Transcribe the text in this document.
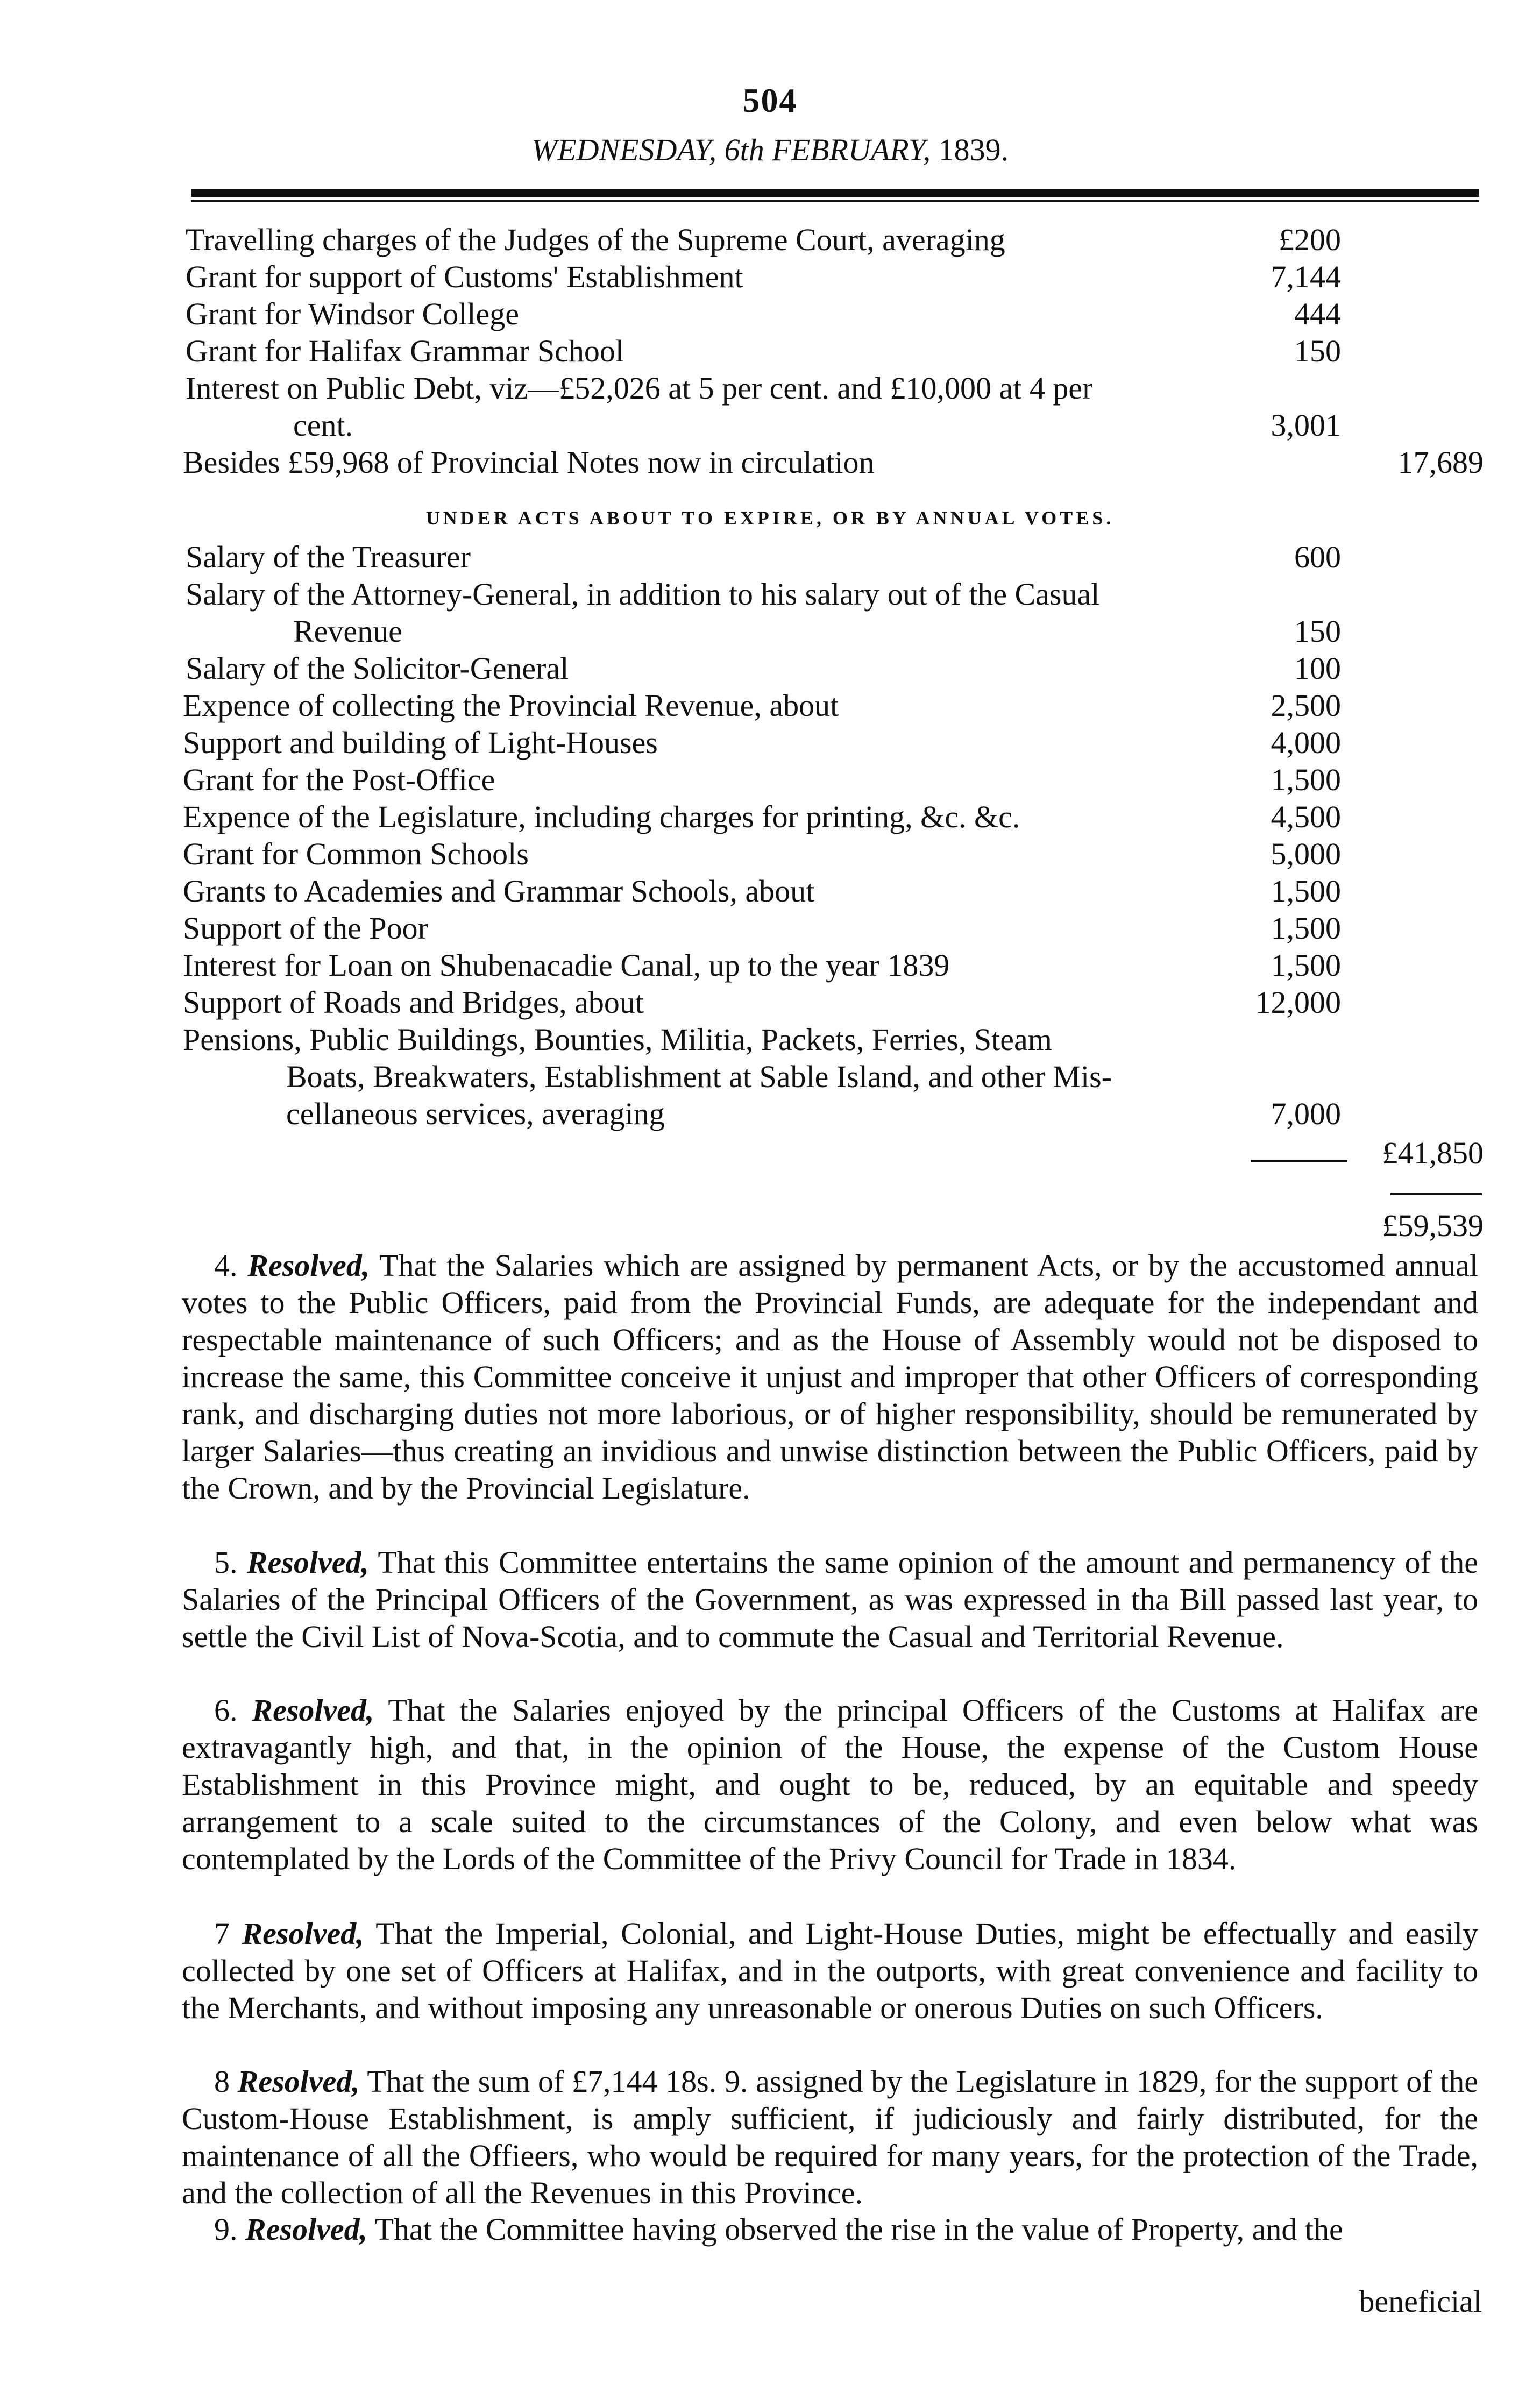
504
WEDNESDAY, 6th FEBRUARY, 1839.
Travelling charges of the Judges of the Supreme Court, averaging	£200
Grant for support of Customs' Establishment	7,144
Grant for Windsor College	444
Grant for Halifax Grammar School	150
Interest on Public Debt, viz—£52,026 at 5 per cent. and £10,000 at 4 per
cent.	3,001
Besides £59,968 of Provincial Notes now in circulation	17,689
UNDER ACTS ABOUT TO EXPIRE, OR BY ANNUAL VOTES.
Salary of the Treasurer	600
Salary of the Attorney-General, in addition to his salary out of the Casual
Revenue	150
Salary of the Solicitor-General	100
Expence of collecting the Provincial Revenue, about	2,500
Support and building of Light-Houses	4,000
Grant for the Post-Office	1,500
Expence of the Legislature, including charges for printing, &c. &c.	4,500
Grant for Common Schools	5,000
Grants to Academies and Grammar Schools, about	1,500
Support of the Poor	1,500
Interest for Loan on Shubenacadie Canal, up to the year 1839	1,500
Support of Roads and Bridges, about	12,000
Pensions, Public Buildings, Bounties, Militia, Packets, Ferries, Steam
Boats, Breakwaters, Establishment at Sable Island, and other Mis-
cellaneous services, averaging	7,000
£41,850
£59,539

4. Resolved, That the Salaries which are assigned by permanent Acts, or by the accustomed annual votes to the Public Officers, paid from the Provincial Funds, are adequate for the independant and respectable maintenance of such Officers; and as the House of Assembly would not be disposed to increase the same, this Committee conceive it unjust and improper that other Officers of corresponding rank, and discharging duties not more laborious, or of higher responsibility, should be remunerated by larger Salaries—thus creating an invidious and unwise distinction between the Public Officers, paid by the Crown, and by the Provincial Legislature.

5. Resolved, That this Committee entertains the same opinion of the amount and permanency of the Salaries of the Principal Officers of the Government, as was expressed in tha Bill passed last year, to settle the Civil List of Nova-Scotia, and to commute the Casual and Territorial Revenue.

6. Resolved, That the Salaries enjoyed by the principal Officers of the Customs at Halifax are extravagantly high, and that, in the opinion of the House, the expense of the Custom House Establishment in this Province might, and ought to be, reduced, by an equitable and speedy arrangement to a scale suited to the circumstances of the Colony, and even below what was contemplated by the Lords of the Committee of the Privy Council for Trade in 1834.

7 Resolved, That the Imperial, Colonial, and Light-House Duties, might be effectually and easily collected by one set of Officers at Halifax, and in the outports, with great convenience and facility to the Merchants, and without imposing any unreasonable or onerous Duties on such Officers.

8 Resolved, That the sum of £7,144 18s. 9. assigned by the Legislature in 1829, for the support of the Custom-House Establishment, is amply sufficient, if judiciously and fairly distributed, for the maintenance of all the Offieers, who would be required for many years, for the protection of the Trade, and the collection of all the Revenues in this Province.

9. Resolved, That the Committee having observed the rise in the value of Property, and the

beneficial
